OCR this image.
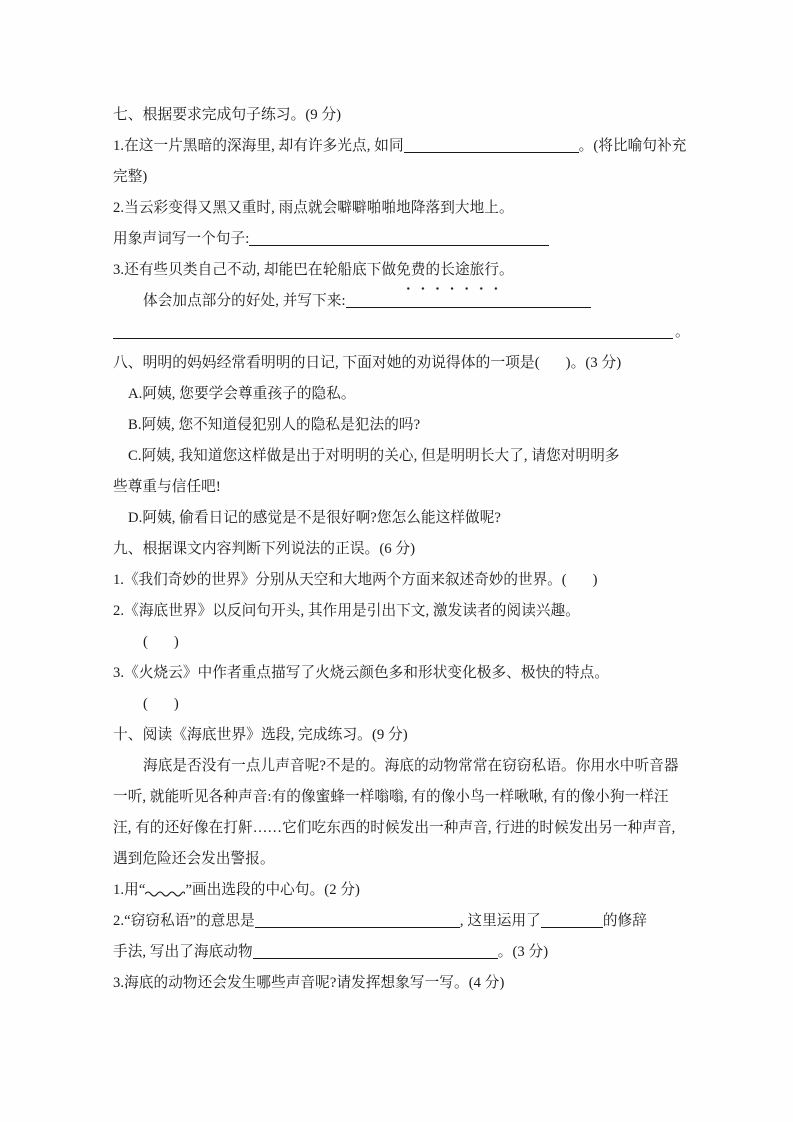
七、根据要求完成句子练习。(9 分)
1.在这一片黑暗的深海里, 却有许多光点, 如同	。(将比喻句补充
完整)
2.当云彩变得又黑又重时, 雨点就会噼噼啪啪地降落到大地上。
用象声词写一个句子:
3.还有些贝类自己不动, 却能巴在轮船底下做免费的长途旅行。
体会加点部分的好处, 并写下来:
。
八、明明的妈妈经常看明明的日记, 下面对她的劝说得体的一项是( )。(3 分)
A.阿姨, 您要学会尊重孩子的隐私。
B.阿姨, 您不知道侵犯别人的隐私是犯法的吗?
C.阿姨, 我知道您这样做是出于对明明的关心, 但是明明长大了, 请您对明明多
些尊重与信任吧!
D.阿姨, 偷看日记的感觉是不是很好啊?您怎么能这样做呢?
九、根据课文内容判断下列说法的正误。(6 分)
1.《我们奇妙的世界》分别从天空和大地两个方面来叙述奇妙的世界。( )
2.《海底世界》以反问句开头, 其作用是引出下文, 激发读者的阅读兴趣。
( )
3.《火烧云》中作者重点描写了火烧云颜色多和形状变化极多、极快的特点。
( )
十、阅读《海底世界》选段, 完成练习。(9 分)
海底是否没有一点儿声音呢?不是的。海底的动物常常在窃窃私语。你用水中听音器一听, 就能听见各种声音:有的像蜜蜂一样嗡嗡, 有的像小鸟一样啾啾, 有的像小狗一样汪汪, 有的还好像在打鼾……它们吃东西的时候发出一种声音, 行进的时候发出另一种声音, 遇到危险还会发出警报。
1.用“	”画出选段的中心句。(2 分)
2.“窃窃私语”的意思是	, 这里运用了	的修辞
手法, 写出了海底动物	。(3 分)
3.海底的动物还会发生哪些声音呢?请发挥想象写一写。(4 分)
